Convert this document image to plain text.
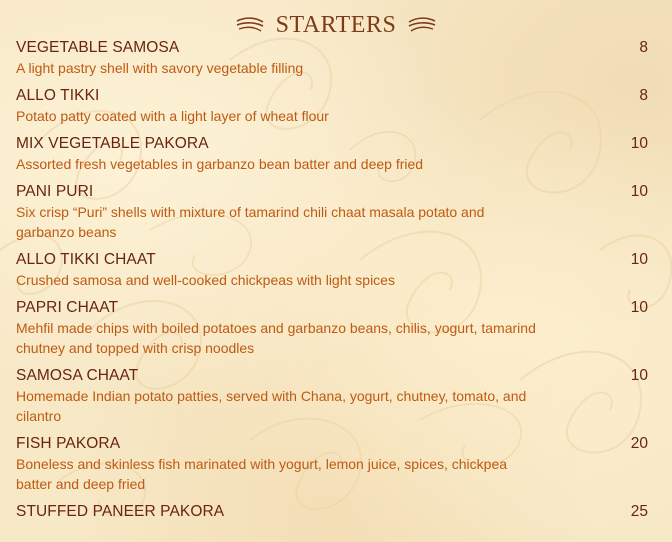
STARTERS
VEGETABLE SAMOSA
A light pastry shell with savory vegetable filling
8
ALLO TIKKI
Potato patty coated with a light layer of wheat flour
8
MIX VEGETABLE PAKORA
Assorted fresh vegetables in garbanzo bean batter and deep fried
10
PANI PURI
Six crisp “Puri” shells with mixture of tamarind chili chaat masala potato and garbanzo beans
10
ALLO TIKKI CHAAT
Crushed samosa and well-cooked chickpeas with light spices
10
PAPRI CHAAT
Mehfil made chips with boiled potatoes and garbanzo beans, chilis, yogurt, tamarind chutney and topped with crisp noodles
10
SAMOSA CHAAT
Homemade Indian potato patties, served with Chana, yogurt, chutney, tomato, and cilantro
10
FISH PAKORA
Boneless and skinless fish marinated with yogurt, lemon juice, spices, chickpea batter and deep fried
20
STUFFED PANEER PAKORA	25
